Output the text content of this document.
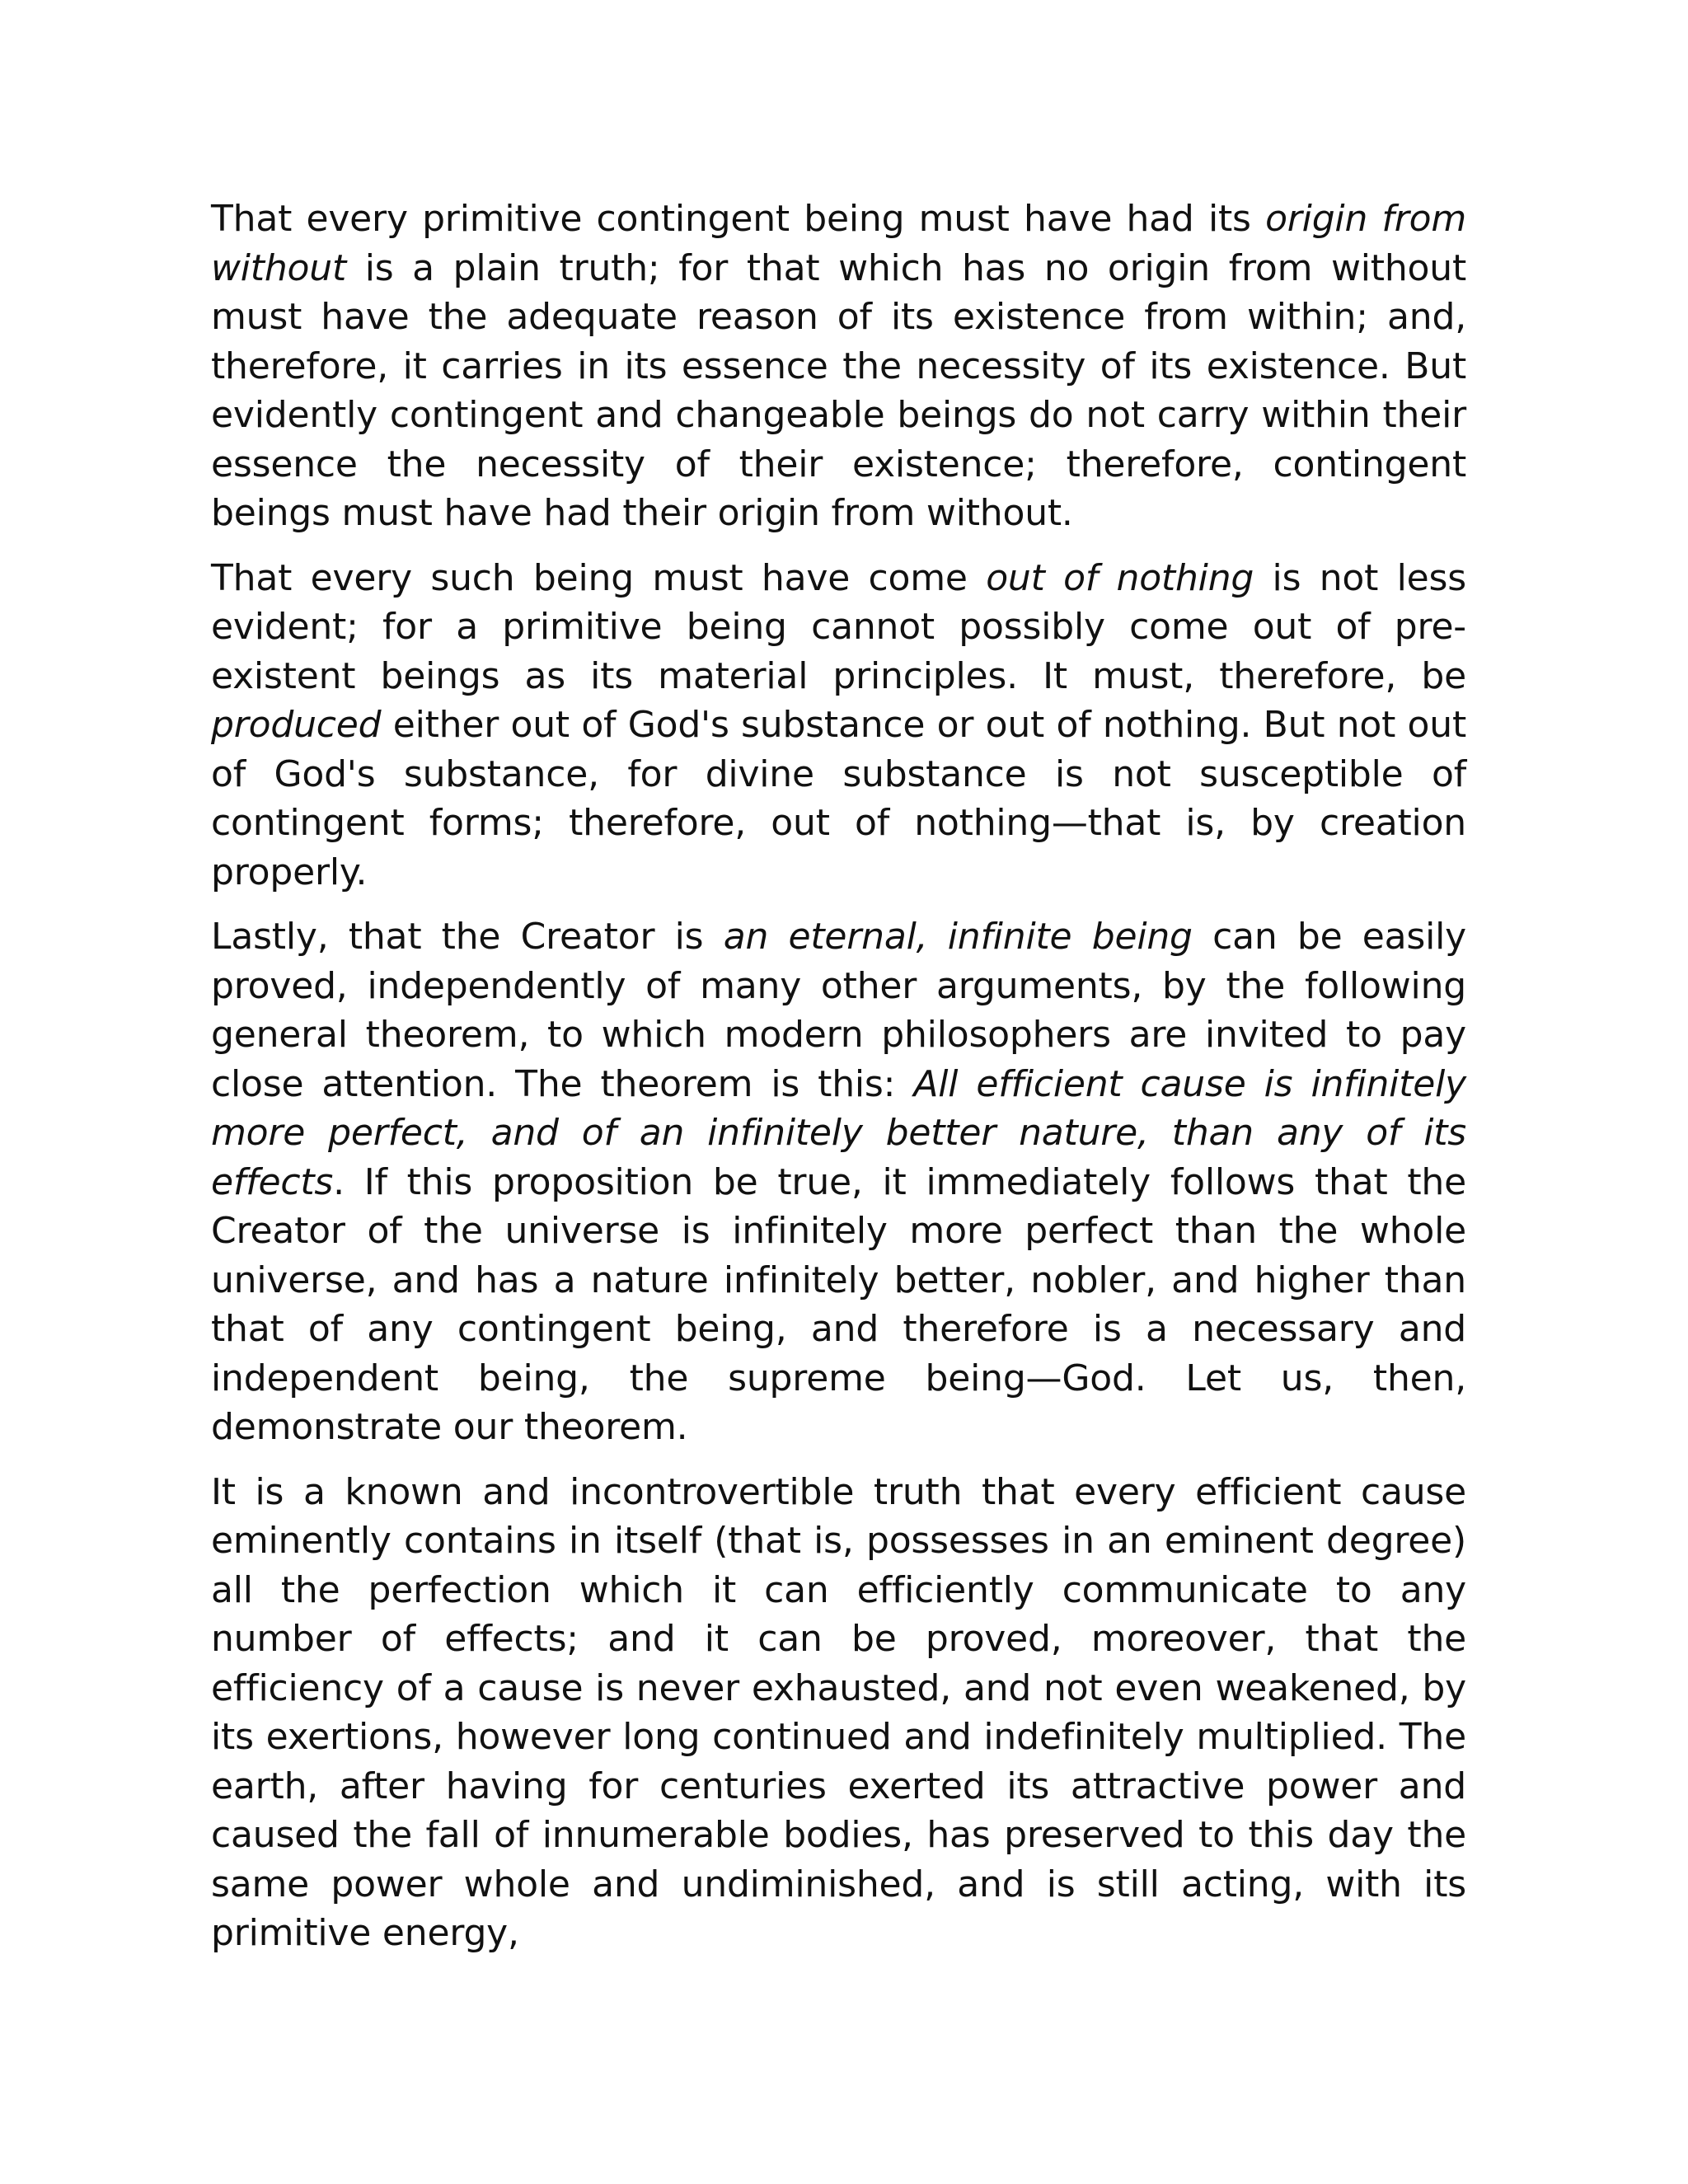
That every primitive contingent being must have had its origin from without is a plain truth; for that which has no origin from without must have the adequate reason of its existence from within; and, therefore, it carries in its essence the necessity of its existence. But evidently contingent and changeable beings do not carry within their essence the necessity of their existence; therefore, contingent beings must have had their origin from without.

That every such being must have come out of nothing is not less evident; for a primitive being cannot possibly come out of pre-existent beings as its material principles. It must, therefore, be produced either out of God's substance or out of nothing. But not out of God's substance, for divine substance is not susceptible of contingent forms; therefore, out of nothing—that is, by creation properly.

Lastly, that the Creator is an eternal, infinite being can be easily proved, independently of many other arguments, by the following general theorem, to which modern philosophers are invited to pay close attention. The theorem is this: All efficient cause is infinitely more perfect, and of an infinitely better nature, than any of its effects. If this proposition be true, it immediately follows that the Creator of the universe is infinitely more perfect than the whole universe, and has a nature infinitely better, nobler, and higher than that of any contingent being, and therefore is a necessary and independent being, the supreme being—God. Let us, then, demonstrate our theorem.

It is a known and incontrovertible truth that every efficient cause eminently contains in itself (that is, possesses in an eminent degree) all the perfection which it can efficiently communicate to any number of effects; and it can be proved, moreover, that the efficiency of a cause is never exhausted, and not even weakened, by its exertions, however long continued and indefinitely multiplied. The earth, after having for centuries exerted its attractive power and caused the fall of innumerable bodies, has preserved to this day the same power whole and undiminished, and is still acting, with its primitive energy,
